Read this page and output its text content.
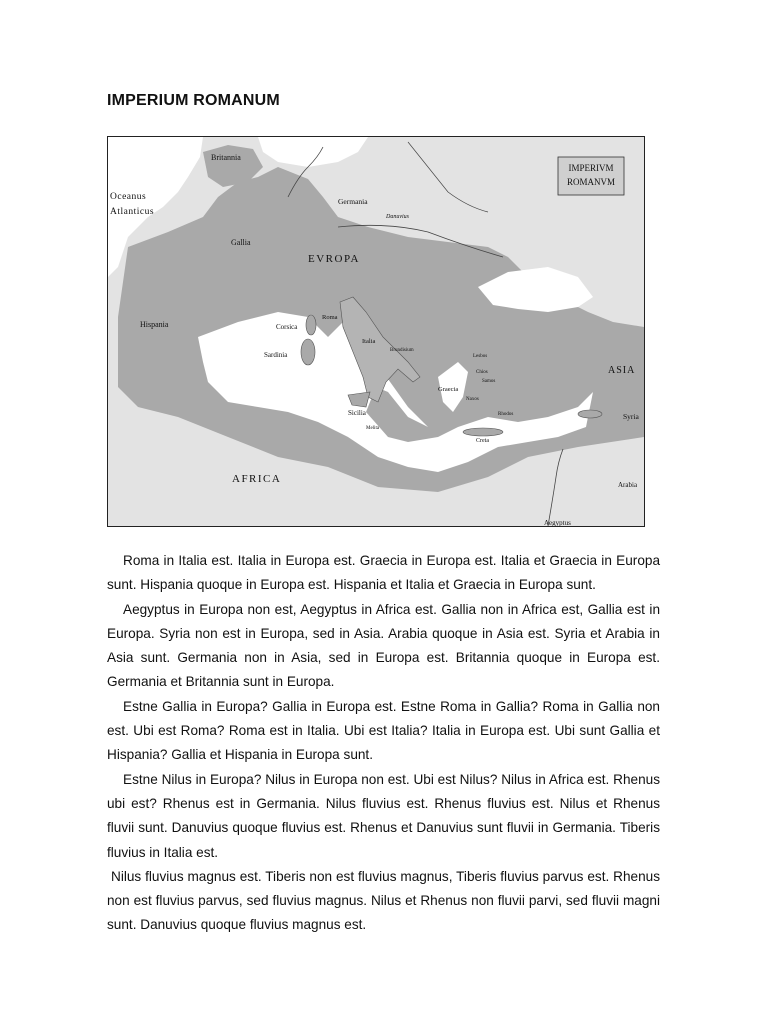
IMPERIUM ROMANUM
IMPERIVM
ROMANVM
Britannia
Oceanus
Atlanticus
Germania
Danuvius
Gallia
EVROPA
Hispania	Corsica
Roma
Italia
Brundisium
Sardinia
Sicilia
Melita
Lesbos
Chios
Samos
Naxos
Graecia
Rhodos
Creta
ASIA
Syria
Arabia
Aegyptus
AFRICA

Roma in Italia est. Italia in Europa est. Graecia in Europa est. Italia et Graecia in Europa sunt. Hispania quoque in Europa est. Hispania et Italia et Graecia in Europa sunt.

Aegyptus in Europa non est, Aegyptus in Africa est. Gallia non in Africa est, Gallia est in Europa. Syria non est in Europa, sed in Asia. Arabia quoque in Asia est. Syria et Arabia in Asia sunt. Germania non in Asia, sed in Europa est. Britannia quoque in Europa est. Germania et Britannia sunt in Europa.

Estne Gallia in Europa? Gallia in Europa est. Estne Roma in Gallia? Roma in Gallia non est. Ubi est Roma? Roma est in Italia. Ubi est Italia? Italia in Europa est. Ubi sunt Gallia et Hispania? Gallia et Hispania in Europa sunt.

Estne Nilus in Europa? Nilus in Europa non est. Ubi est Nilus? Nilus in Africa est. Rhenus ubi est? Rhenus est in Germania. Nilus fluvius est. Rhenus fluvius est. Nilus et Rhenus fluvii sunt. Danuvius quoque fluvius est. Rhenus et Danuvius sunt fluvii in Germania. Tiberis fluvius in Italia est.

Nilus fluvius magnus est. Tiberis non est fluvius magnus, Tiberis fluvius parvus est. Rhenus non est fluvius parvus, sed fluvius magnus. Nilus et Rhenus non fluvii parvi, sed fluvii magni sunt. Danuvius quoque fluvius magnus est.
